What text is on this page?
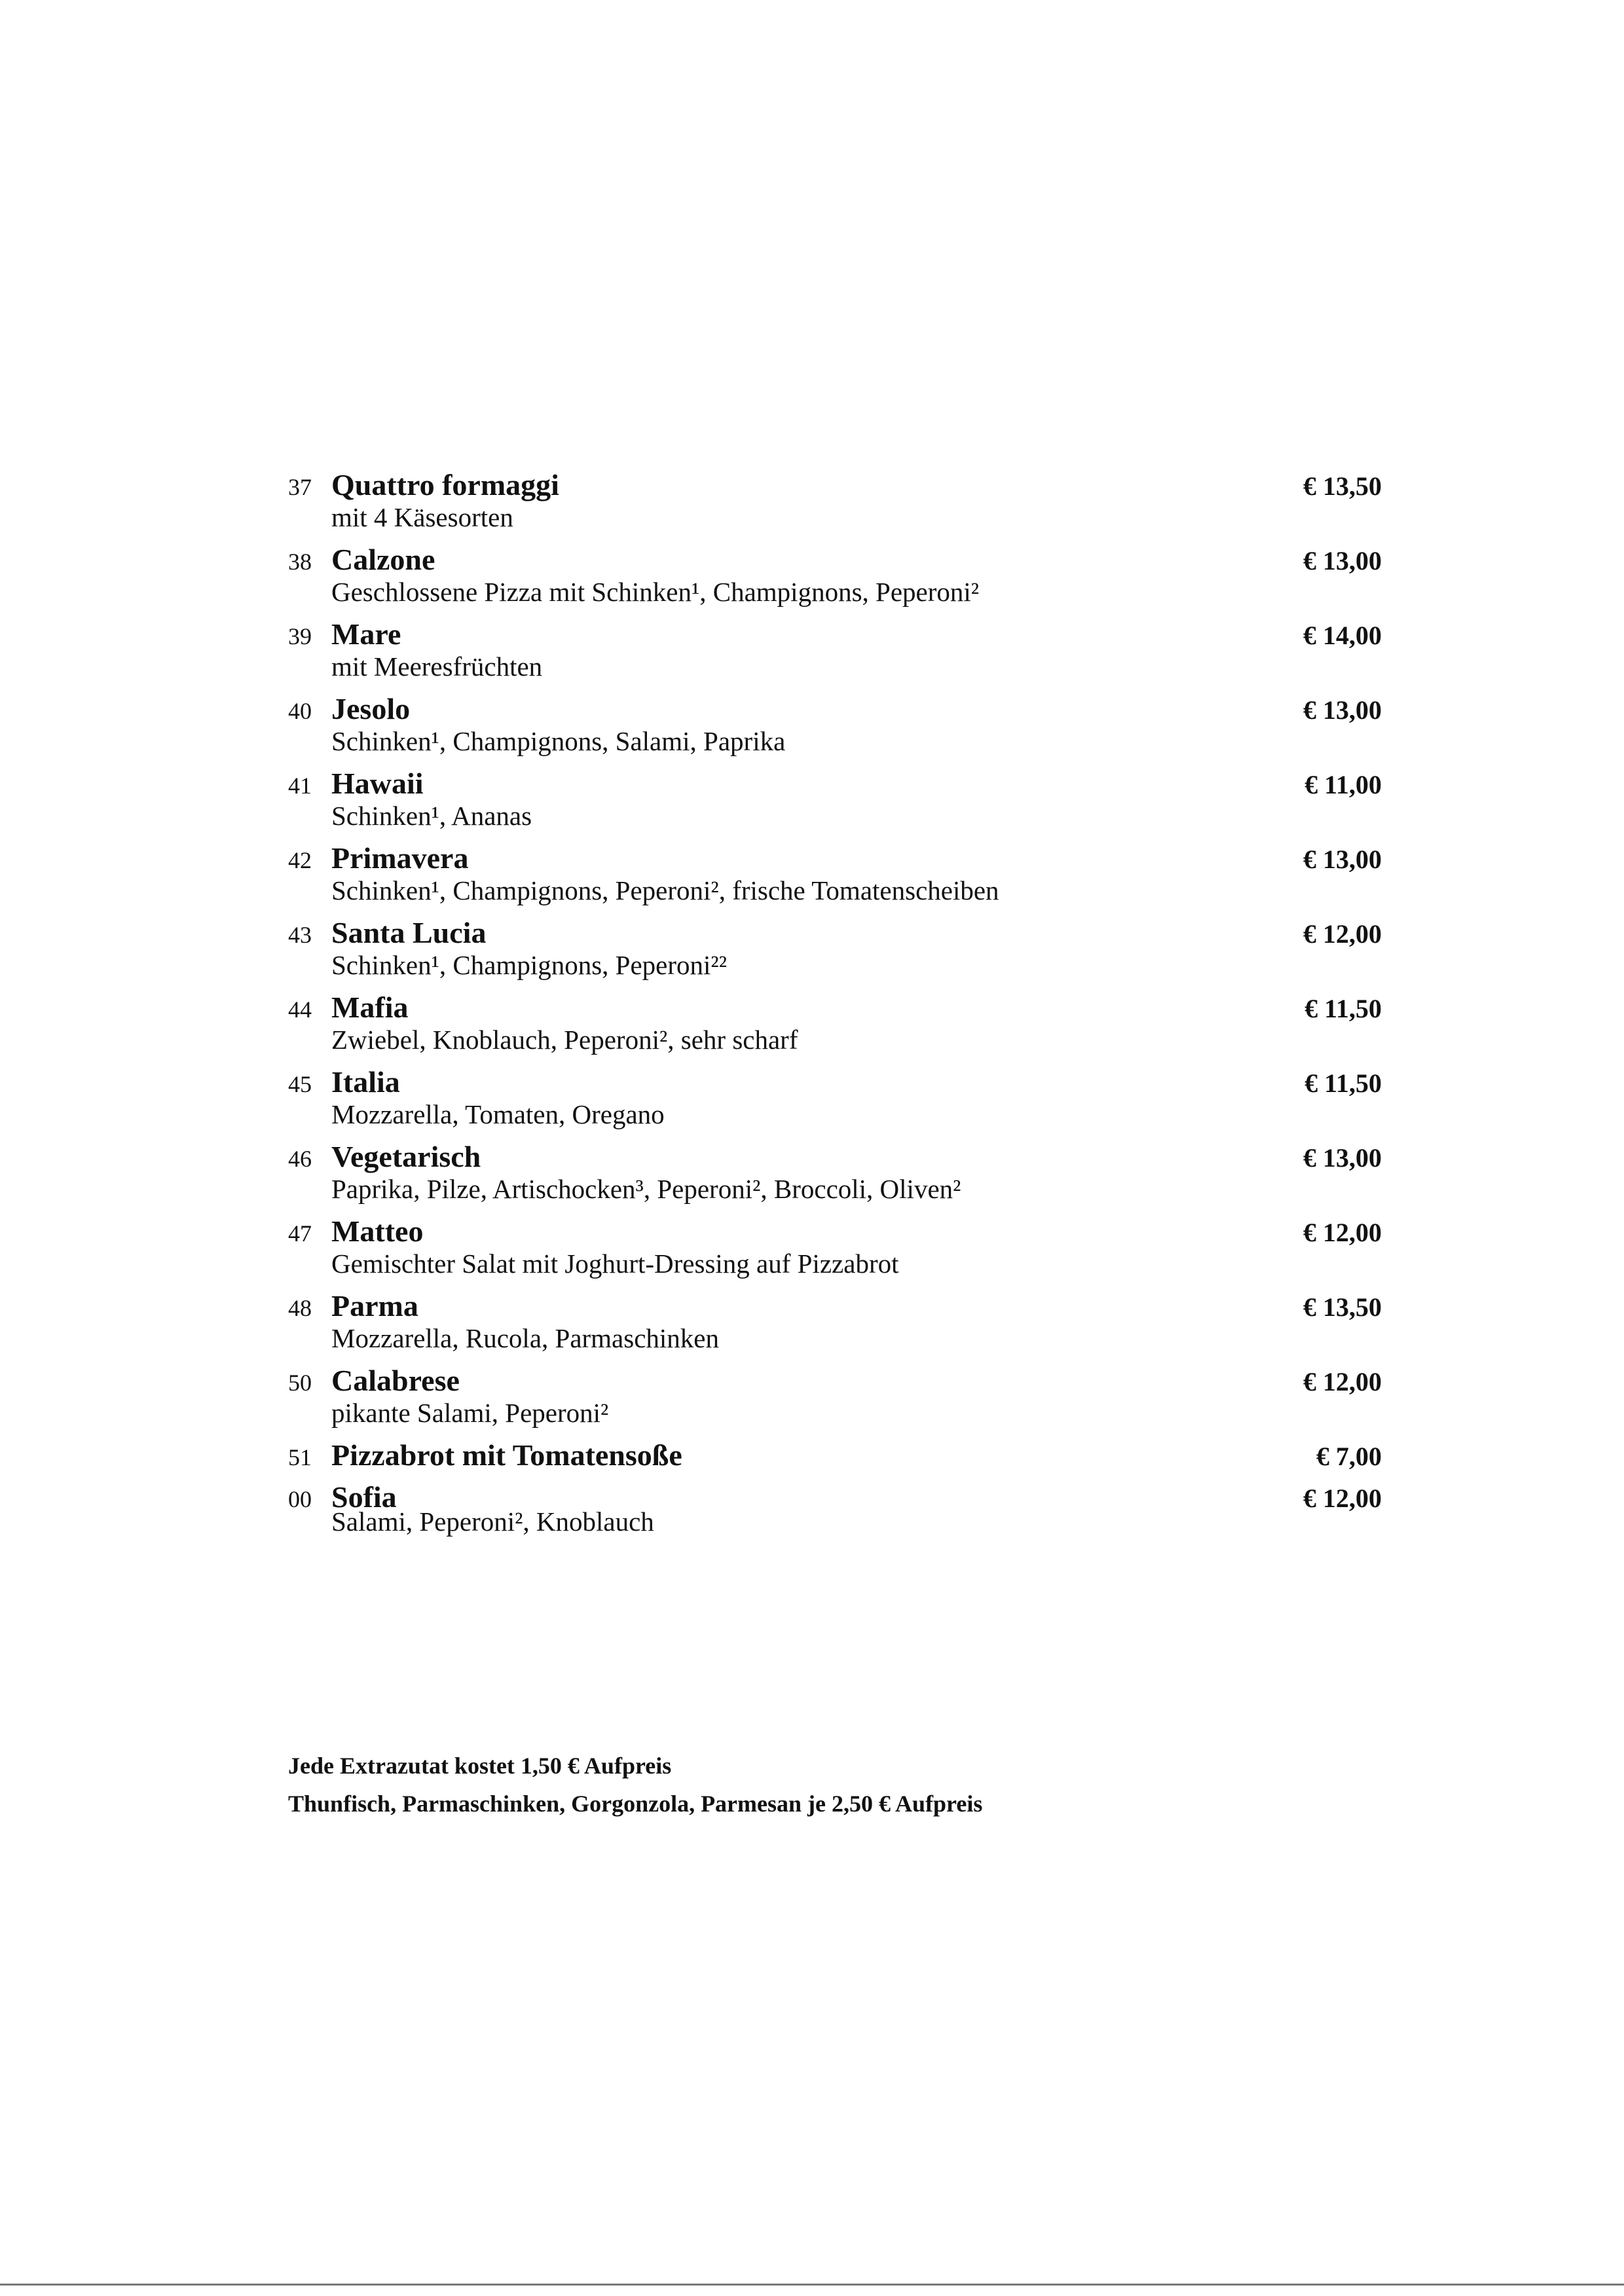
37 Quattro formaggi	€ 13,50
mit 4 Käsesorten
38 Calzone	€ 13,00
Geschlossene Pizza mit Schinken¹, Champignons, Peperoni²
39 Mare	€ 14,00
mit Meeresfrüchten
40 Jesolo	€ 13,00
Schinken¹, Champignons, Salami, Paprika
41 Hawaii	€ 11,00
Schinken¹, Ananas
42 Primavera	€ 13,00
Schinken¹, Champignons, Peperoni², frische Tomatenscheiben
43 Santa Lucia	€ 12,00
Schinken¹, Champignons, Peperoni²²
44 Mafia	€ 11,50
Zwiebel, Knoblauch, Peperoni², sehr scharf
45 Italia	€ 11,50
Mozzarella, Tomaten, Oregano
46 Vegetarisch	€ 13,00
Paprika, Pilze, Artischocken³, Peperoni², Broccoli, Oliven²
47 Matteo	€ 12,00
Gemischter Salat mit Joghurt-Dressing auf Pizzabrot
48 Parma	€ 13,50
Mozzarella, Rucola, Parmaschinken
50 Calabrese	€ 12,00
pikante Salami, Peperoni²
51 Pizzabrot mit Tomatensoße	€ 7,00
00 Sofia	€ 12,00
Salami, Peperoni², Knoblauch
Jede Extrazutat kostet 1,50 € Aufpreis
Thunfisch, Parmaschinken, Gorgonzola, Parmesan je 2,50 € Aufpreis
